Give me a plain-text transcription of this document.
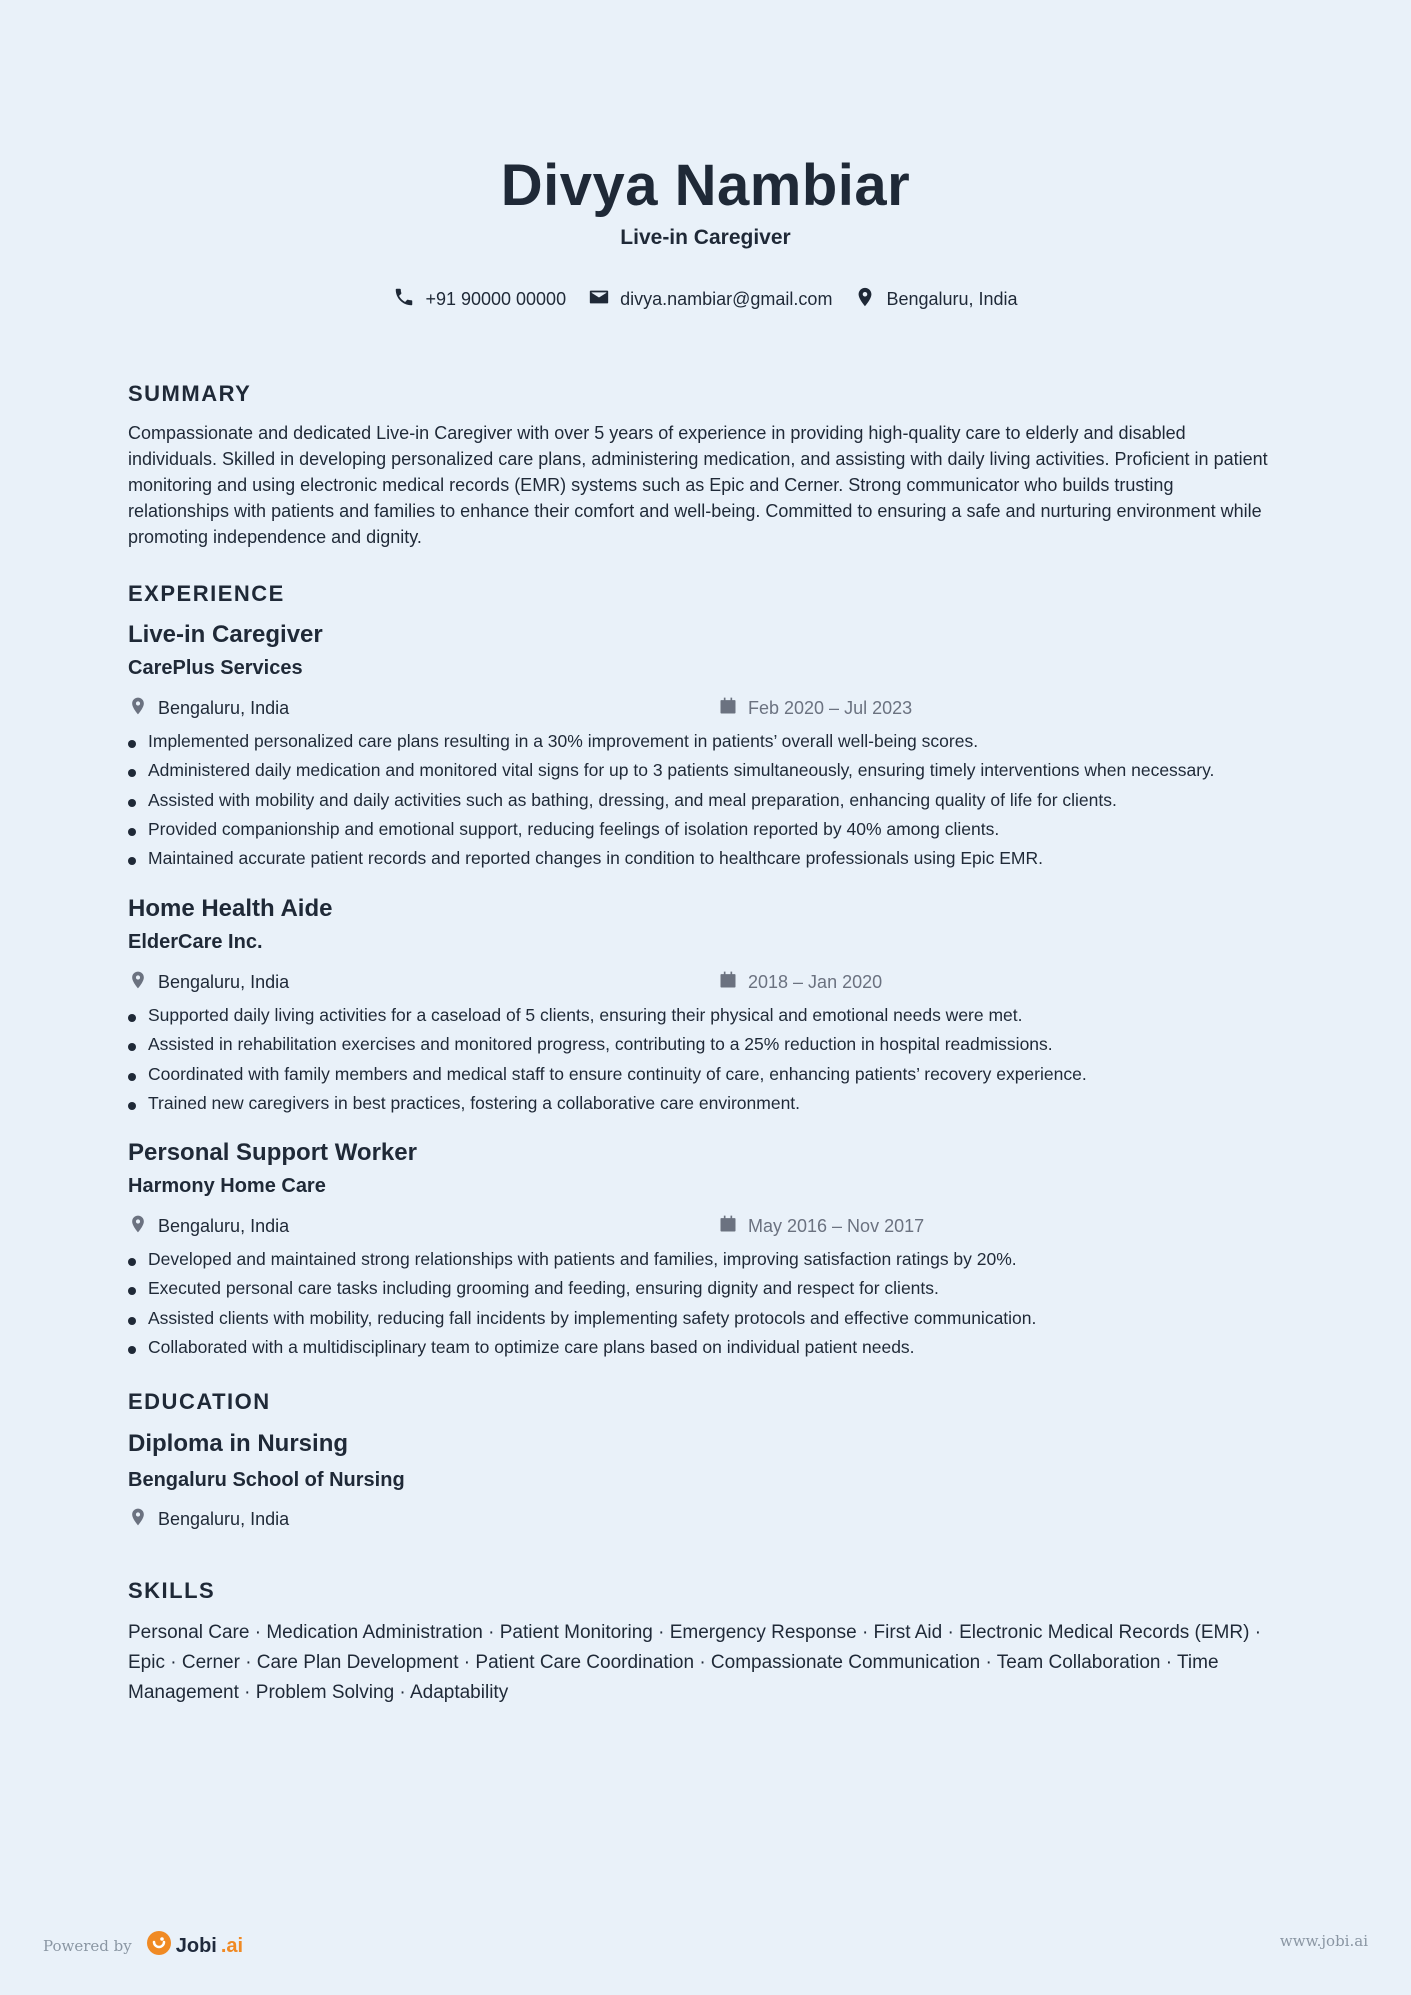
Divya Nambiar
Live-in Caregiver
+91 90000 00000	divya.nambiar@gmail.com	Bengaluru, India
SUMMARY
Compassionate and dedicated Live-in Caregiver with over 5 years of experience in providing high-quality care to elderly and disabled individuals. Skilled in developing personalized care plans, administering medication, and assisting with daily living activities. Proficient in patient monitoring and using electronic medical records (EMR) systems such as Epic and Cerner. Strong communicator who builds trusting relationships with patients and families to enhance their comfort and well-being. Committed to ensuring a safe and nurturing environment while promoting independence and dignity.
EXPERIENCE
Live-in Caregiver
CarePlus Services
Bengaluru, India	Feb 2020 – Jul 2023
Implemented personalized care plans resulting in a 30% improvement in patients’ overall well-being scores.
Administered daily medication and monitored vital signs for up to 3 patients simultaneously, ensuring timely interventions when necessary.
Assisted with mobility and daily activities such as bathing, dressing, and meal preparation, enhancing quality of life for clients.
Provided companionship and emotional support, reducing feelings of isolation reported by 40% among clients.
Maintained accurate patient records and reported changes in condition to healthcare professionals using Epic EMR.
Home Health Aide
ElderCare Inc.
Bengaluru, India	2018 – Jan 2020
Supported daily living activities for a caseload of 5 clients, ensuring their physical and emotional needs were met.
Assisted in rehabilitation exercises and monitored progress, contributing to a 25% reduction in hospital readmissions.
Coordinated with family members and medical staff to ensure continuity of care, enhancing patients’ recovery experience.
Trained new caregivers in best practices, fostering a collaborative care environment.
Personal Support Worker
Harmony Home Care
Bengaluru, India	May 2016 – Nov 2017
Developed and maintained strong relationships with patients and families, improving satisfaction ratings by 20%.
Executed personal care tasks including grooming and feeding, ensuring dignity and respect for clients.
Assisted clients with mobility, reducing fall incidents by implementing safety protocols and effective communication.
Collaborated with a multidisciplinary team to optimize care plans based on individual patient needs.
EDUCATION
Diploma in Nursing
Bengaluru School of Nursing
Bengaluru, India
SKILLS
Personal Care · Medication Administration · Patient Monitoring · Emergency Response · First Aid · Electronic Medical Records (EMR) · Epic · Cerner · Care Plan Development · Patient Care Coordination · Compassionate Communication · Team Collaboration · Time Management · Problem Solving · Adaptability
Powered by Jobi .ai	www.jobi.ai
